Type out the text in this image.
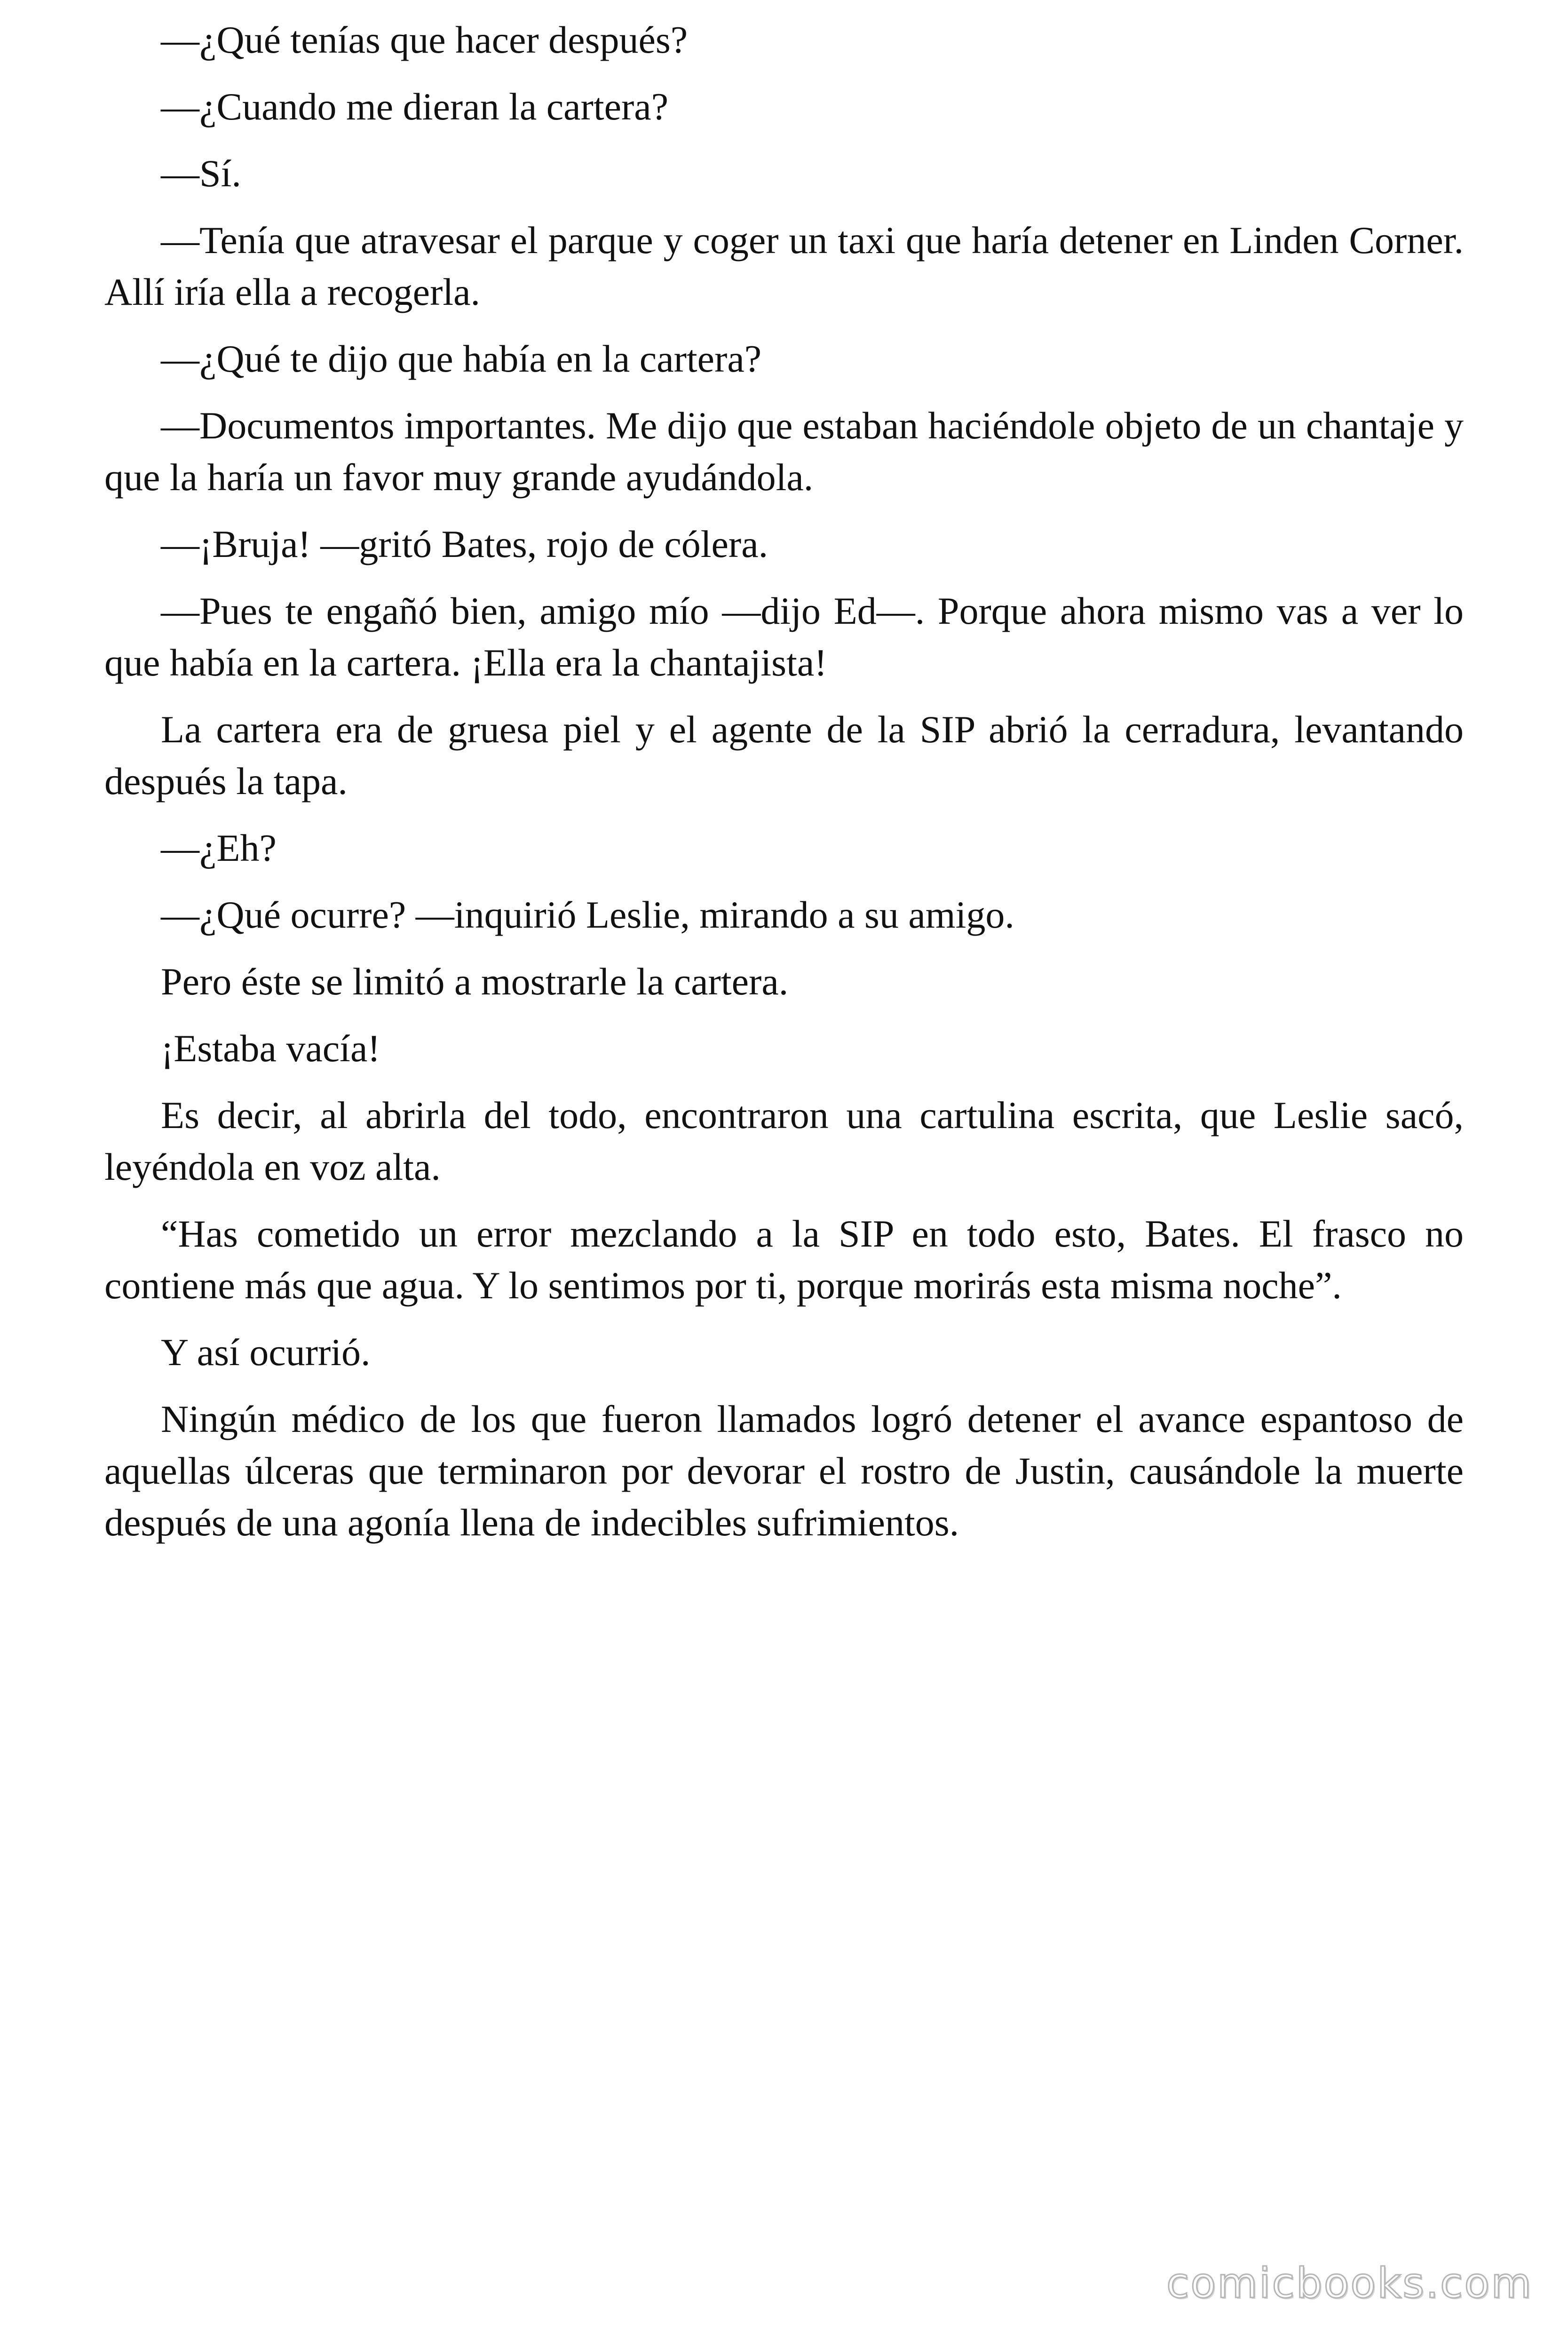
—¿Qué tenías que hacer después?

—¿Cuando me dieran la cartera?

—Sí.

—Tenía que atravesar el parque y coger un taxi que haría detener en Linden Corner. Allí iría ella a recogerla.

—¿Qué te dijo que había en la cartera?

—Documentos importantes. Me dijo que estaban haciéndole objeto de un chantaje y que la haría un favor muy grande ayudándola.

—¡Bruja! —gritó Bates, rojo de cólera.

—Pues te engañó bien, amigo mío —dijo Ed—. Porque ahora mismo vas a ver lo que había en la cartera. ¡Ella era la chantajista!

La cartera era de gruesa piel y el agente de la SIP abrió la cerradura, levantando después la tapa.

—¿Eh?

—¿Qué ocurre? —inquirió Leslie, mirando a su amigo.

Pero éste se limitó a mostrarle la cartera.

¡Estaba vacía!

Es decir, al abrirla del todo, encontraron una cartulina escrita, que Leslie sacó, leyéndola en voz alta.

“Has cometido un error mezclando a la SIP en todo esto, Bates. El frasco no contiene más que agua. Y lo sentimos por ti, porque morirás esta misma noche”.

Y así ocurrió.

Ningún médico de los que fueron llamados logró detener el avance espantoso de aquellas úlceras que terminaron por devorar el rostro de Justin, causándole la muerte después de una agonía llena de indecibles sufrimientos.

comicbooks.com
